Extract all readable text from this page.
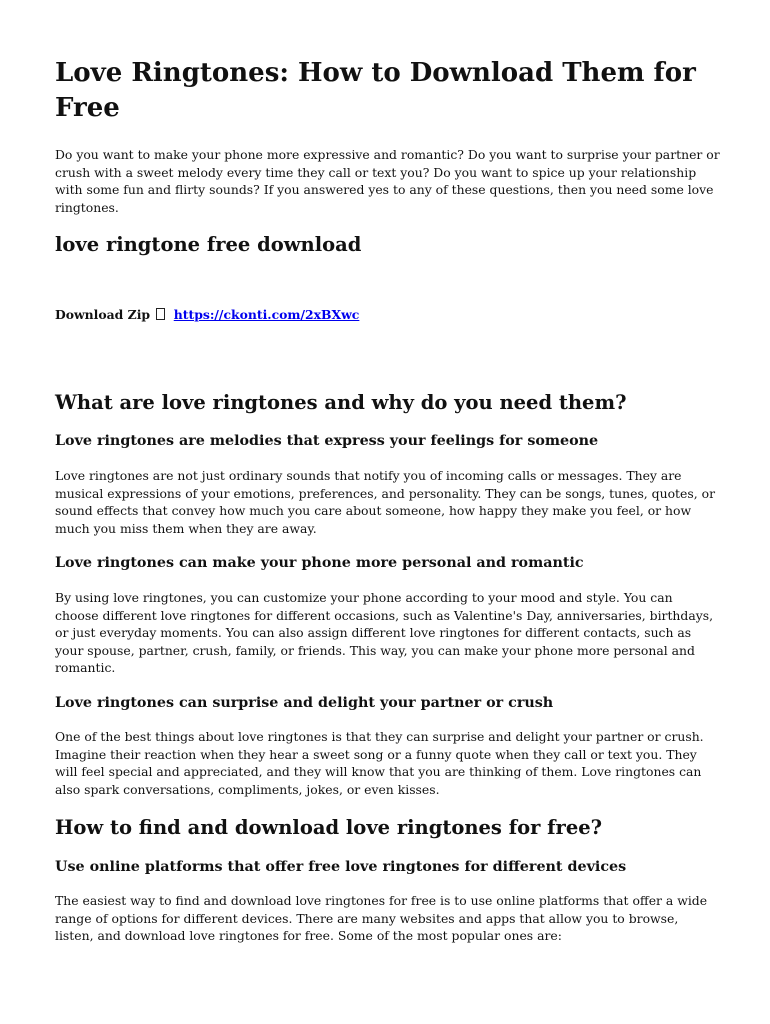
Love Ringtones: How to Download Them for Free

Do you want to make your phone more expressive and romantic? Do you want to surprise your partner or crush with a sweet melody every time they call or text you? Do you want to spice up your relationship with some fun and flirty sounds? If you answered yes to any of these questions, then you need some love ringtones.

love ringtone free download
Download Zip https://ckonti.com/2xBXwc
What are love ringtones and why do you need them?
Love ringtones are melodies that express your feelings for someone

Love ringtones are not just ordinary sounds that notify you of incoming calls or messages. They are musical expressions of your emotions, preferences, and personality. They can be songs, tunes, quotes, or sound effects that convey how much you care about someone, how happy they make you feel, or how much you miss them when they are away.

Love ringtones can make your phone more personal and romantic

By using love ringtones, you can customize your phone according to your mood and style. You can choose different love ringtones for different occasions, such as Valentine's Day, anniversaries, birthdays, or just everyday moments. You can also assign different love ringtones for different contacts, such as your spouse, partner, crush, family, or friends. This way, you can make your phone more personal and romantic.

Love ringtones can surprise and delight your partner or crush

One of the best things about love ringtones is that they can surprise and delight your partner or crush. Imagine their reaction when they hear a sweet song or a funny quote when they call or text you. They will feel special and appreciated, and they will know that you are thinking of them. Love ringtones can also spark conversations, compliments, jokes, or even kisses.

How to find and download love ringtones for free?
Use online platforms that offer free love ringtones for different devices

The easiest way to find and download love ringtones for free is to use online platforms that offer a wide range of options for different devices. There are many websites and apps that allow you to browse, listen, and download love ringtones for free. Some of the most popular ones are:
